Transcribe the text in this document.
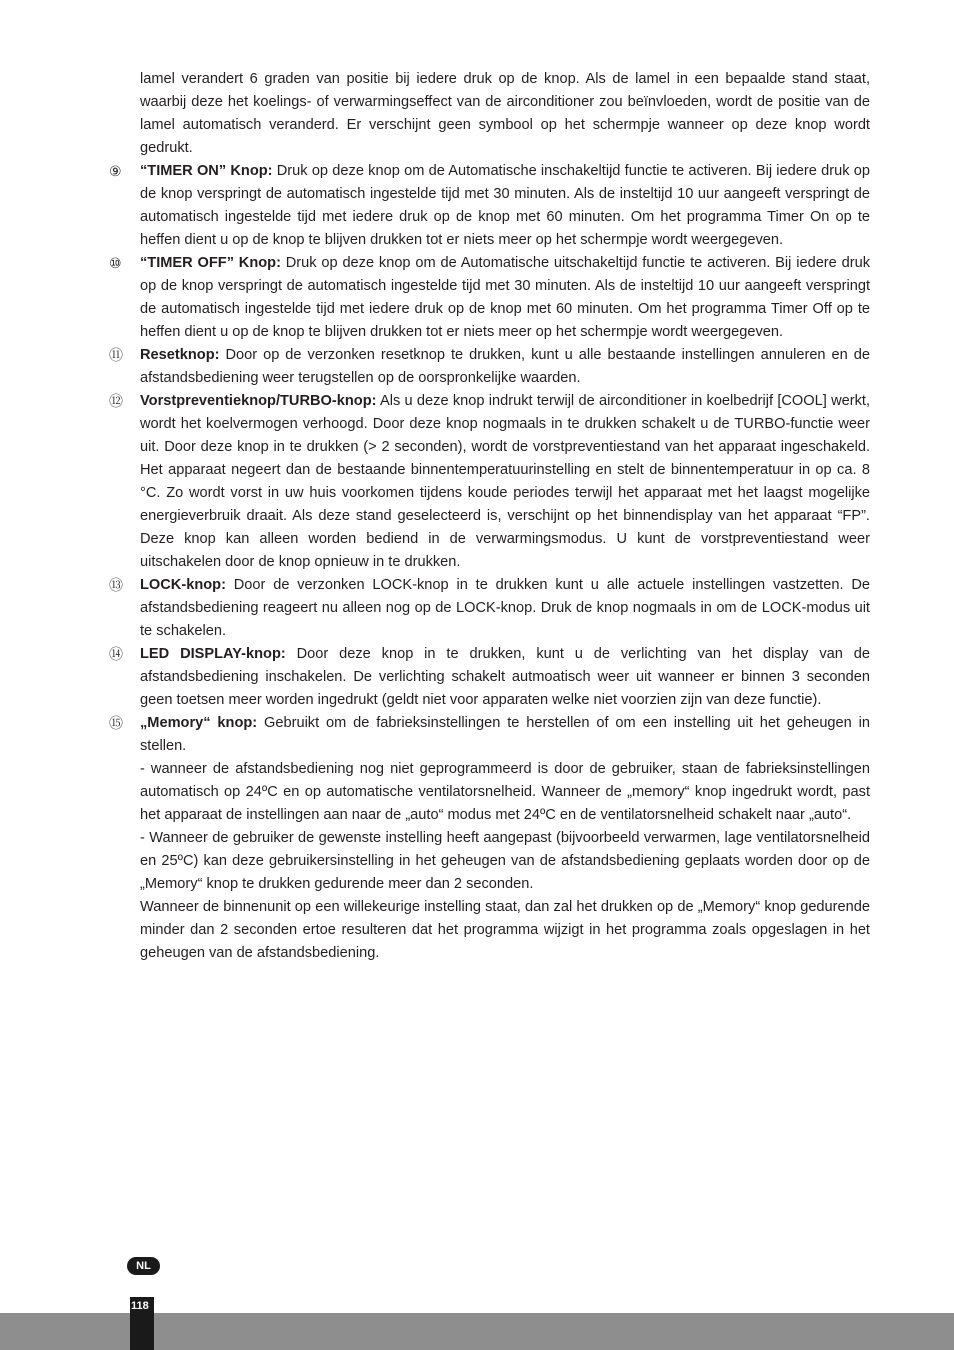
lamel verandert 6 graden van positie bij iedere druk op de knop. Als de lamel in een bepaalde stand staat, waarbij deze het koelings- of verwarmingseffect van de airconditioner zou beïnvloeden, wordt de positie van de lamel automatisch veranderd. Er verschijnt geen symbool op het schermpje wanneer op deze knop wordt gedrukt.

⑨ “TIMER ON” Knop: Druk op deze knop om de Automatische inschakeltijd functie te activeren. Bij iedere druk op de knop verspringt de automatisch ingestelde tijd met 30 minuten. Als de insteltijd 10 uur aangeeft verspringt de automatisch ingestelde tijd met iedere druk op de knop met 60 minuten. Om het programma Timer On op te heffen dient u op de knop te blijven drukken tot er niets meer op het schermpje wordt weergegeven.

⑩ “TIMER OFF” Knop: Druk op deze knop om de Automatische uitschakeltijd functie te activeren. Bij iedere druk op de knop verspringt de automatisch ingestelde tijd met 30 minuten. Als de insteltijd 10 uur aangeeft verspringt de automatisch ingestelde tijd met iedere druk op de knop met 60 minuten. Om het programma Timer Off op te heffen dient u op de knop te blijven drukken tot er niets meer op het schermpje wordt weergegeven.

⑪ Resetknop: Door op de verzonken resetknop te drukken, kunt u alle bestaande instellingen annuleren en de afstandsbediening weer terugstellen op de oorspronkelijke waarden.

⑫ Vorstpreventieknop/TURBO-knop: Als u deze knop indrukt terwijl de airconditioner in koelbedrijf [COOL] werkt, wordt het koelvermogen verhoogd. Door deze knop nogmaals in te drukken schakelt u de TURBO-functie weer uit. Door deze knop in te drukken (> 2 seconden), wordt de vorstpreventiestand van het apparaat ingeschakeld. Het apparaat negeert dan de bestaande binnentemperatuurinstelling en stelt de binnentemperatuur in op ca. 8 °C. Zo wordt vorst in uw huis voorkomen tijdens koude periodes terwijl het apparaat met het laagst mogelijke energieverbruik draait. Als deze stand geselecteerd is, verschijnt op het binnendisplay van het apparaat “FP”. Deze knop kan alleen worden bediend in de verwarmingsmodus. U kunt de vorstpreventiestand weer uitschakelen door de knop opnieuw in te drukken.

⑬ LOCK-knop: Door de verzonken LOCK-knop in te drukken kunt u alle actuele instellingen vastzetten. De afstandsbediening reageert nu alleen nog op de LOCK-knop. Druk de knop nogmaals in om de LOCK-modus uit te schakelen.

⑭ LED DISPLAY-knop: Door deze knop in te drukken, kunt u de verlichting van het display van de afstandsbediening inschakelen. De verlichting schakelt autmoatisch weer uit wanneer er binnen 3 seconden geen toetsen meer worden ingedrukt (geldt niet voor apparaten welke niet voorzien zijn van deze functie).

⑮ „Memory“ knop: Gebruikt om de fabrieksinstellingen te herstellen of om een instelling uit het geheugen in stellen.

- wanneer de afstandsbediening nog niet geprogrammeerd is door de gebruiker, staan de fabrieksinstellingen automatisch op 24ºC en op automatische ventilatorsnelheid. Wanneer de „memory“ knop ingedrukt wordt, past het apparaat de instellingen aan naar de „auto“ modus met 24ºC en de ventilatorsnelheid schakelt naar „auto“.

- Wanneer de gebruiker de gewenste instelling heeft aangepast (bijvoorbeeld verwarmen, lage ventilatorsnelheid en 25ºC) kan deze gebruikersinstelling in het geheugen van de afstandsbediening geplaats worden door op de „Memory“ knop te drukken gedurende meer dan 2 seconden.

Wanneer de binnenunit op een willekeurige instelling staat, dan zal het drukken op de „Memory“ knop gedurende minder dan 2 seconden ertoe resulteren dat het programma wijzigt in het programma zoals opgeslagen in het geheugen van de afstandsbediening.

NL
118
